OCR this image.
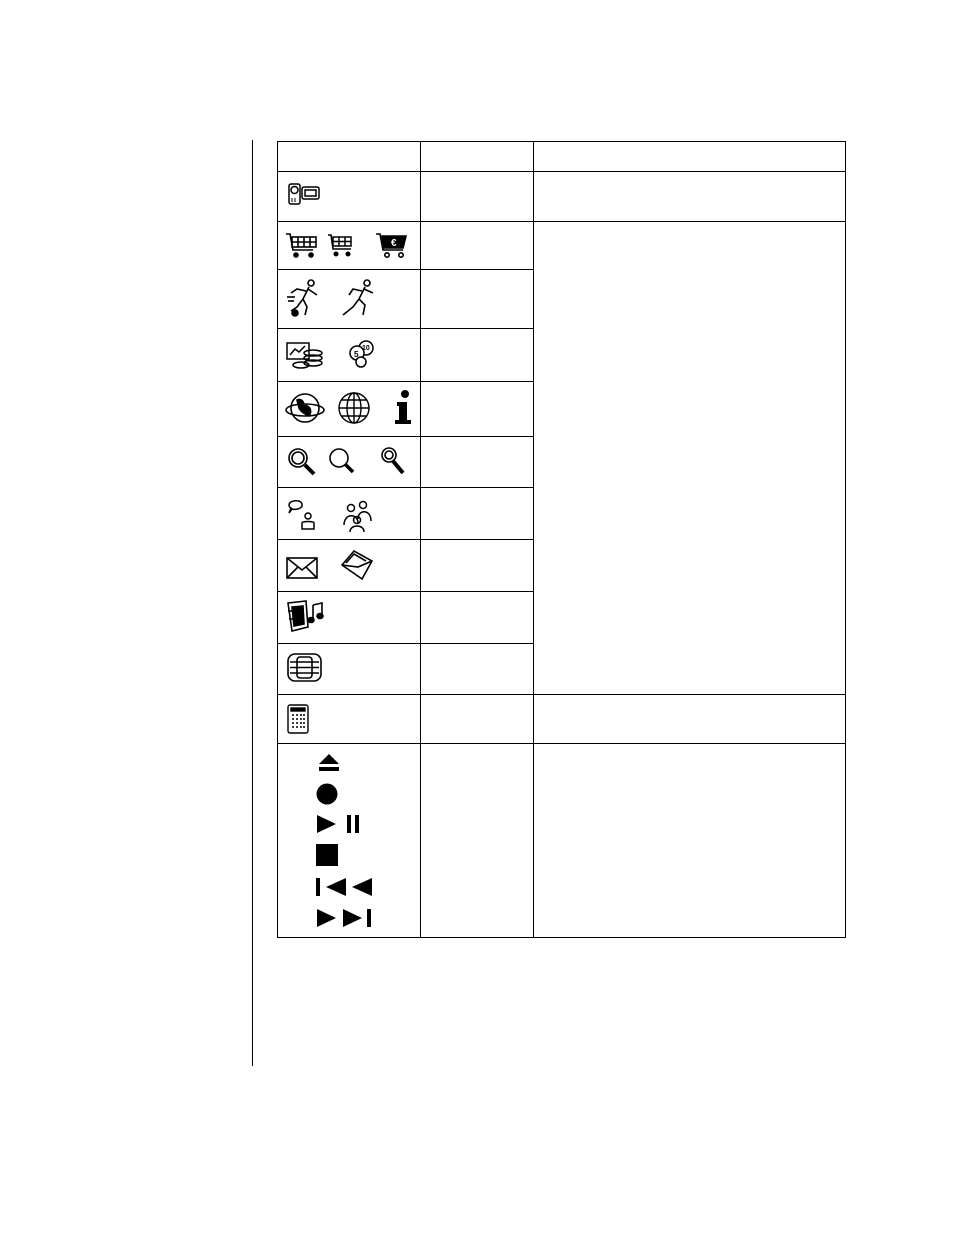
€
5
10
